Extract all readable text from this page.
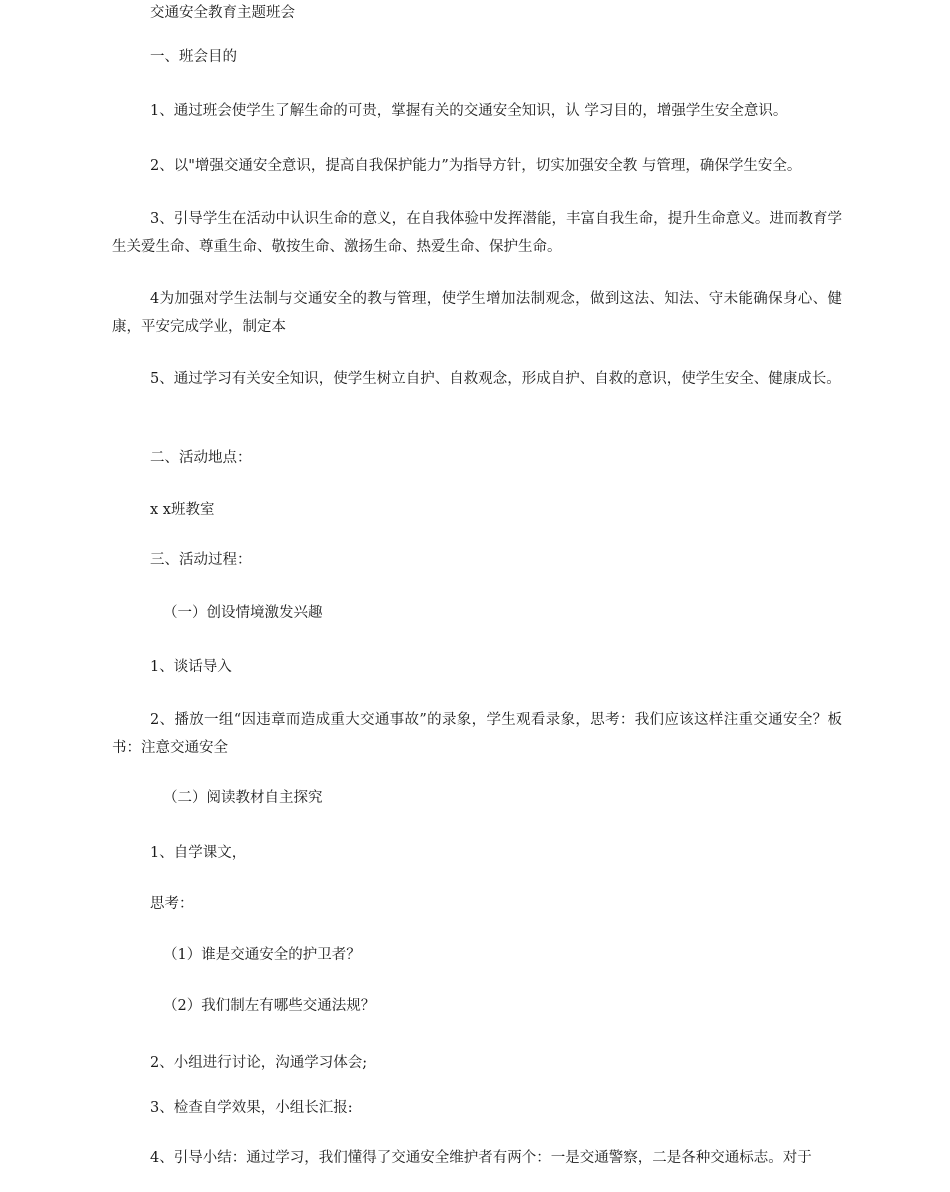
交通安全教育主题班会
一、班会目的
1、通过班会使学生了解生命的可贵，掌握有关的交通安全知识，认 学习目的，增强学生安全意识。
2、以"增强交通安全意识，提高自我保护能力”为指导方针，切实加强安全教 与管理，确保学生安全。
3、引导学生在活动中认识生命的意义，在自我体验中发挥潜能，丰富自我生命，提升生命意义。进而教育学生关爱生命、尊重生命、敬按生命、激扬生命、热爱生命、保护生命。
4为加强对学生法制与交通安全的教与管理，使学生增加法制观念，做到这法、知法、守未能确保身心、健康，平安完成学业，制定本
5、通过学习有关安全知识，使学生树立自护、自救观念，形成自护、自救的意识，使学生安全、健康成长。
二、活动地点：
x x班教室
三、活动过程：
（一）创设情境激发兴趣
1、谈话导入
2、播放一组“因违章而造成重大交通事故”的录象，学生观看录象，思考：我们应该这样注重交通安全？板书：注意交通安全
（二）阅读教材自主探究
1、自学课文，
思考：
（1）谁是交通安全的护卫者？
（2）我们制左有哪些交通法规？
2、小组进行讨论，沟通学习体会;
3、检查自学效果，小组长汇报:
4、引导小结：通过学习，我们懂得了交通安全维护者有两个：一是交通警察，二是各种交通标志。对于
